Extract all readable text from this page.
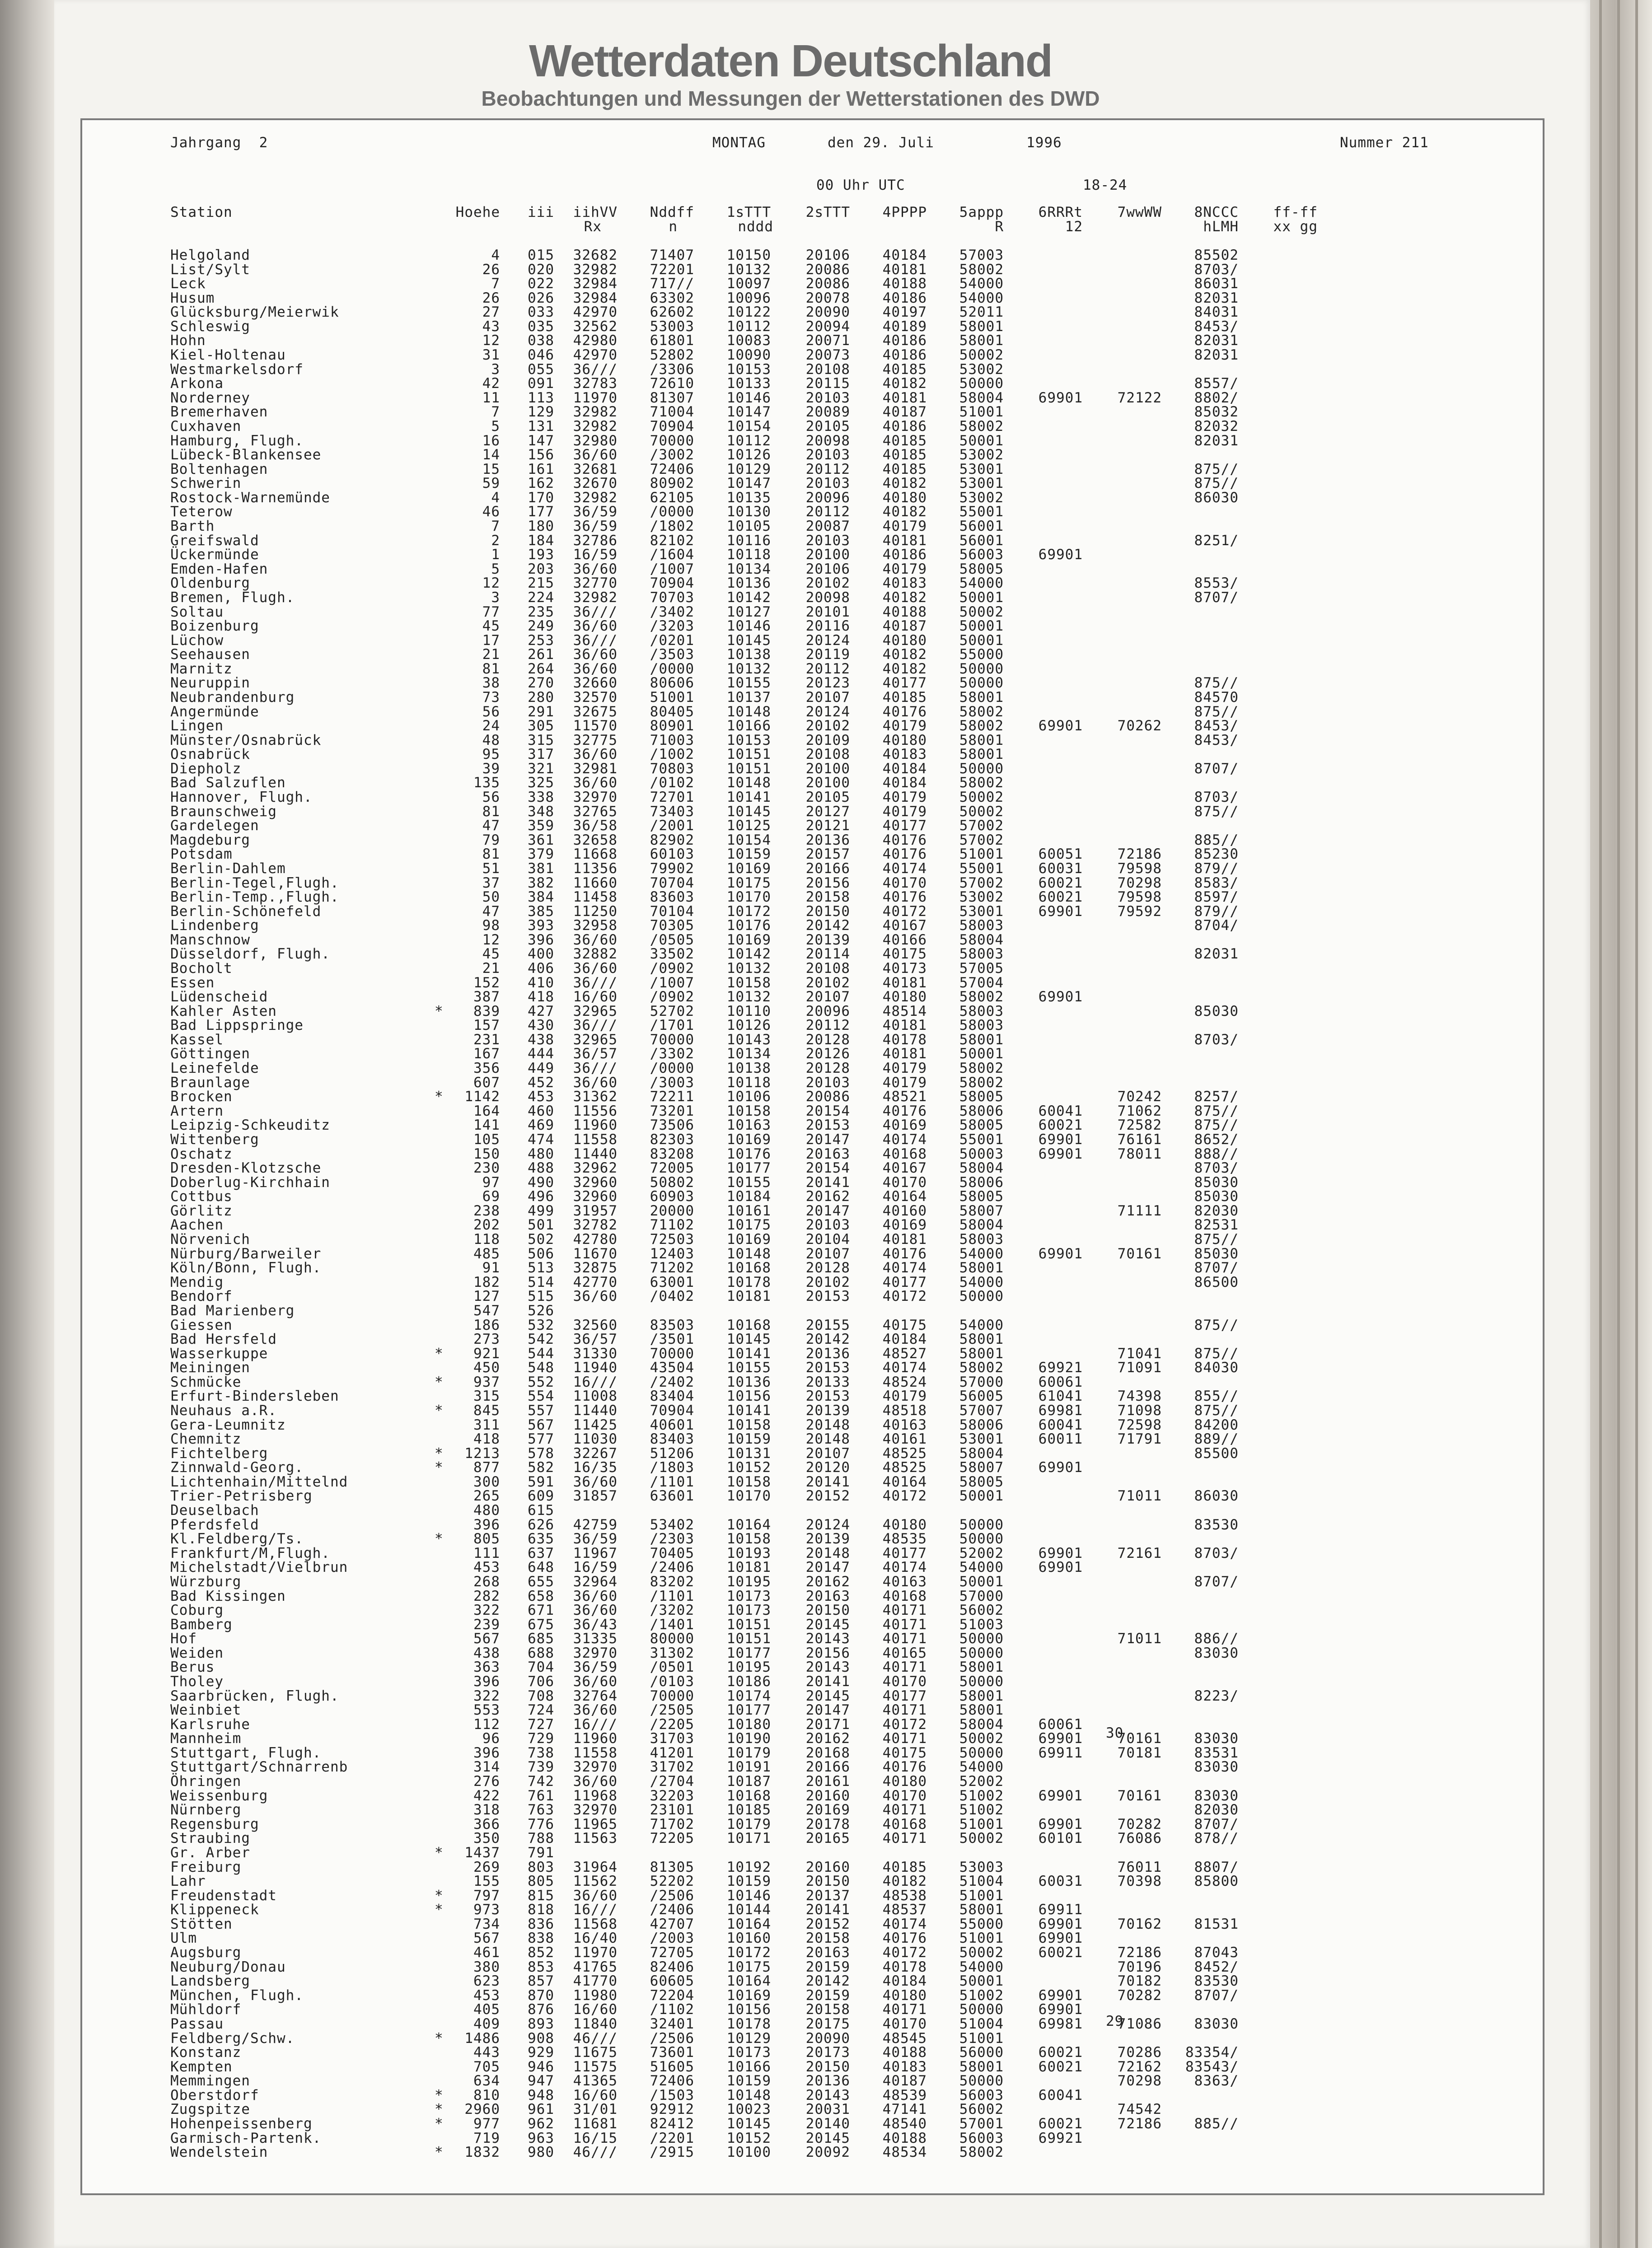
Wetterdaten Deutschland
Beobachtungen und Messungen der Wetterstationen des DWD
Jahrgang  2	MONTAG	den 29. Juli	1996	Nummer 211
00 Uhr UTC	18-24
Station	Hoehe iii iihVV Nddff 1sTTT 2sTTT 4PPPP 5appp 6RRRt 7wwWW 8NCCC ff-ff
Rx	n	nddd	R	12	hLMH xx gg
Helgoland	4 015 32682 71407 10150 20106 40184 57003	85502
List/Sylt	26 020 32982 72201 10132 20086 40181 58002	8703/
Leck	7 022 32984 717// 10097 20086 40188 54000	86031
Husum	26 026 32984 63302 10096 20078 40186 54000	82031
Glücksburg/Meierwik	27 033 42970 62602 10122 20090 40197 52011	84031
Schleswig	43 035 32562 53003 10112 20094 40189 58001	8453/
Hohn	12 038 42980 61801 10083 20071 40186 58001	82031
Kiel-Holtenau	31 046 42970 52802 10090 20073 40186 50002	82031
Westmarkelsdorf	3 055 36/// /3306 10153 20108 40185 53002
Arkona	42 091 32783 72610 10133 20115 40182 50000	8557/
Norderney	11 113 11970 81307 10146 20103 40181 58004 69901 72122 8802/
Bremerhaven	7 129 32982 71004 10147 20089 40187 51001	85032
Cuxhaven	5 131 32982 70904 10154 20105 40186 58002	82032
Hamburg, Flugh.	16 147 32980 70000 10112 20098 40185 50001	82031
Lübeck-Blankensee	14 156 36/60 /3002 10126 20103 40185 53002
Boltenhagen	15 161 32681 72406 10129 20112 40185 53001	875//
Schwerin	59 162 32670 80902 10147 20103 40182 53001	875//
Rostock-Warnemünde	4 170 32982 62105 10135 20096 40180 53002	86030
Teterow	46 177 36/59 /0000 10130 20112 40182 55001
Barth	7 180 36/59 /1802 10105 20087 40179 56001
Greifswald	2 184 32786 82102 10116 20103 40181 56001	8251/
Ückermünde	1 193 16/59 /1604 10118 20100 40186 56003 69901
Emden-Hafen	5 203 36/60 /1007 10134 20106 40179 58005
Oldenburg	12 215 32770 70904 10136 20102 40183 54000	8553/
Bremen, Flugh.	3 224 32982 70703 10142 20098 40182 50001	8707/
Soltau	77 235 36/// /3402 10127 20101 40188 50002
Boizenburg	45 249 36/60 /3203 10146 20116 40187 50001
Lüchow	17 253 36/// /0201 10145 20124 40180 50001
Seehausen	21 261 36/60 /3503 10138 20119 40182 55000
Marnitz	81 264 36/60 /0000 10132 20112 40182 50000
Neuruppin	38 270 32660 80606 10155 20123 40177 50000	875//
Neubrandenburg	73 280 32570 51001 10137 20107 40185 58001	84570
Angermünde	56 291 32675 80405 10148 20124 40176 58002	875//
Lingen	24 305 11570 80901 10166 20102 40179 58002 69901 70262 8453/
Münster/Osnabrück	48 315 32775 71003 10153 20109 40180 58001	8453/
Osnabrück	95 317 36/60 /1002 10151 20108 40183 58001
Diepholz	39 321 32981 70803 10151 20100 40184 50000	8707/
Bad Salzuflen	135 325 36/60 /0102 10148 20100 40184 58002
Hannover, Flugh.	56 338 32970 72701 10141 20105 40179 50002	8703/
Braunschweig	81 348 32765 73403 10145 20127 40179 50002	875//
Gardelegen	47 359 36/58 /2001 10125 20121 40177 57002
Magdeburg	79 361 32658 82902 10154 20136 40176 57002	885//
Potsdam	81 379 11668 60103 10159 20157 40176 51001 60051 72186 85230
Berlin-Dahlem	51 381 11356 79902 10169 20166 40174 55001 60031 79598 879//
Berlin-Tegel,Flugh.	37 382 11660 70704 10175 20156 40170 57002 60021 70298 8583/
Berlin-Temp.,Flugh.	50 384 11458 83603 10170 20158 40176 53002 60021 79598 8597/
Berlin-Schönefeld	47 385 11250 70104 10172 20150 40172 53001 69901 79592 879//
Lindenberg	98 393 32958 70305 10176 20142 40167 58003	8704/
Manschnow	12 396 36/60 /0505 10169 20139 40166 58004
Düsseldorf, Flugh.	45 400 32882 33502 10142 20114 40175 58003	82031
Bocholt	21 406 36/60 /0902 10132 20108 40173 57005
Essen	152 410 36/// /1007 10158 20102 40181 57004
Lüdenscheid	387 418 16/60 /0902 10132 20107 40180 58002 69901
Kahler Asten	* 839 427 32965 52702 10110 20096 48514 58003	85030
Bad Lippspringe	157 430 36/// /1701 10126 20112 40181 58003
Kassel	231 438 32965 70000 10143 20128 40178 58001	8703/
Göttingen	167 444 36/57 /3302 10134 20126 40181 50001
Leinefelde	356 449 36/// /0000 10138 20128 40179 58002
Braunlage	607 452 36/60 /3003 10118 20103 40179 58002
Brocken	* 1142 453 31362 72211 10106 20086 48521 58005	70242 8257/
Artern	164 460 11556 73201 10158 20154 40176 58006 60041 71062 875//
Leipzig-Schkeuditz	141 469 11960 73506 10163 20153 40169 58005 60021 72582 875//
Wittenberg	105 474 11558 82303 10169 20147 40174 55001 69901 76161 8652/
Oschatz	150 480 11440 83208 10176 20163 40168 50003 69901 78011 888//
Dresden-Klotzsche	230 488 32962 72005 10177 20154 40167 58004	8703/
Doberlug-Kirchhain	97 490 32960 50802 10155 20141 40170 58006	85030
Cottbus	69 496 32960 60903 10184 20162 40164 58005	85030
Görlitz	238 499 31957 20000 10161 20147 40160 58007	71111 82030
Aachen	202 501 32782 71102 10175 20103 40169 58004	82531
Nörvenich	118 502 42780 72503 10169 20104 40181 58003	875//
Nürburg/Barweiler	485 506 11670 12403 10148 20107 40176 54000 69901 70161 85030
Köln/Bonn, Flugh.	91 513 32875 71202 10168 20128 40174 58001	8707/
Mendig	182 514 42770 63001 10178 20102 40177 54000	86500
Bendorf	127 515 36/60 /0402 10181 20153 40172 50000
Bad Marienberg	547 526
Giessen	186 532 32560 83503 10168 20155 40175 54000	875//
Bad Hersfeld	273 542 36/57 /3501 10145 20142 40184 58001
Wasserkuppe	* 921 544 31330 70000 10141 20136 48527 58001	71041 875//
Meiningen	450 548 11940 43504 10155 20153 40174 58002 69921 71091 84030
Schmücke	* 937 552 16/// /2402 10136 20133 48524 57000 60061
Erfurt-Bindersleben	315 554 11008 83404 10156 20153 40179 56005 61041 74398 855//
Neuhaus a.R.	* 845 557 11440 70904 10141 20139 48518 57007 69981 71098 875//
Gera-Leumnitz	311 567 11425 40601 10158 20148 40163 58006 60041 72598 84200
Chemnitz	418 577 11030 83403 10159 20148 40161 53001 60011 71791 889//
Fichtelberg	* 1213 578 32267 51206 10131 20107 48525 58004	85500
Zinnwald-Georg.	* 877 582 16/35 /1803 10152 20120 48525 58007 69901
Lichtenhain/Mittelnd	300 591 36/60 /1101 10158 20141 40164 58005
Trier-Petrisberg	265 609 31857 63601 10170 20152 40172 50001	71011 86030
Deuselbach	480 615
Pferdsfeld	396 626 42759 53402 10164 20124 40180 50000	83530
Kl.Feldberg/Ts.	* 805 635 36/59 /2303 10158 20139 48535 50000
Frankfurt/M,Flugh.	111 637 11967 70405 10193 20148 40177 52002 69901 72161 8703/
Michelstadt/Vielbrun	453 648 16/59 /2406 10181 20147 40174 54000 69901
Würzburg	268 655 32964 83202 10195 20162 40163 50001	8707/
Bad Kissingen	282 658 36/60 /1101 10173 20163 40168 57000
Coburg	322 671 36/60 /3202 10173 20150 40171 56002
Bamberg	239 675 36/43 /1401 10151 20145 40171 51003
Hof	567 685 31335 80000 10151 20143 40171 50000	71011 886//
Weiden	438 688 32970 31302 10177 20156 40165 50000	83030
Berus	363 704 36/59 /0501 10195 20143 40171 58001
Tholey	396 706 36/60 /0103 10186 20141 40170 50000
Saarbrücken, Flugh.	322 708 32764 70000 10174 20145 40177 58001	8223/
Weinbiet	553 724 36/60 /2505 10177 20147 40171 58001
Karlsruhe	112 727 16/// /2205 10180 20171 40172 58004 60061
Mannheim	96 729 11960 31703 10190 20162 40171 50002 69901 70161 83030
Stuttgart, Flugh.	396 738 11558 41201 10179 20168 40175 50000 69911 70181 83531
Stuttgart/Schnarrenb	314 739 32970 31702 10191 20166 40176 54000	83030
Öhringen	276 742 36/60 /2704 10187 20161 40180 52002
Weissenburg	422 761 11968 32203 10168 20160 40170 51002 69901 70161 83030
Nürnberg	318 763 32970 23101 10185 20169 40171 51002	82030
Regensburg	366 776 11965 71702 10179 20178 40168 51001 69901 70282 8707/
Straubing	350 788 11563 72205 10171 20165 40171 50002 60101 76086 878//
Gr. Arber	* 1437 791
Freiburg	269 803 31964 81305 10192 20160 40185 53003	76011 8807/
Lahr	155 805 11562 52202 10159 20150 40182 51004 60031 70398 85800
Freudenstadt	* 797 815 36/60 /2506 10146 20137 48538 51001
Klippeneck	* 973 818 16/// /2406 10144 20141 48537 58001 69911
Stötten	734 836 11568 42707 10164 20152 40174 55000 69901 70162 81531
Ulm	567 838 16/40 /2003 10160 20158 40176 51001 69901
Augsburg	461 852 11970 72705 10172 20163 40172 50002 60021 72186 87043
Neuburg/Donau	380 853 41765 82406 10175 20159 40178 54000	70196 8452/
Landsberg	623 857 41770 60605 10164 20142 40184 50001	70182 83530
München, Flugh.	453 870 11980 72204 10169 20159 40180 51002 69901 70282 8707/
Mühldorf	405 876 16/60 /1102 10156 20158 40171 50000 69901
Passau	409 893 11840 32401 10178 20175 40170 51004 69981 71086 83030
Feldberg/Schw.	* 1486 908 46/// /2506 10129 20090 48545 51001
Konstanz	443 929 11675 73601 10173 20173 40188 56000 60021 70286 83354/
Kempten	705 946 11575 51605 10166 20150 40183 58001 60021 72162 83543/
Memmingen	634 947 41365 72406 10159 20136 40187 50000	70298 8363/
Oberstdorf	* 810 948 16/60 /1503 10148 20143 48539 56003 60041
Zugspitze	* 2960 961 31/01 92912 10023 20031 47141 56002	74542
Hohenpeissenberg	* 977 962 11681 82412 10145 20140 48540 57001 60021 72186 885//
Garmisch-Partenk.	719 963 16/15 /2201 10152 20145 40188 56003 69921
Wendelstein	* 1832 980 46/// /2915 10100 20092 48534 58002
30
29
